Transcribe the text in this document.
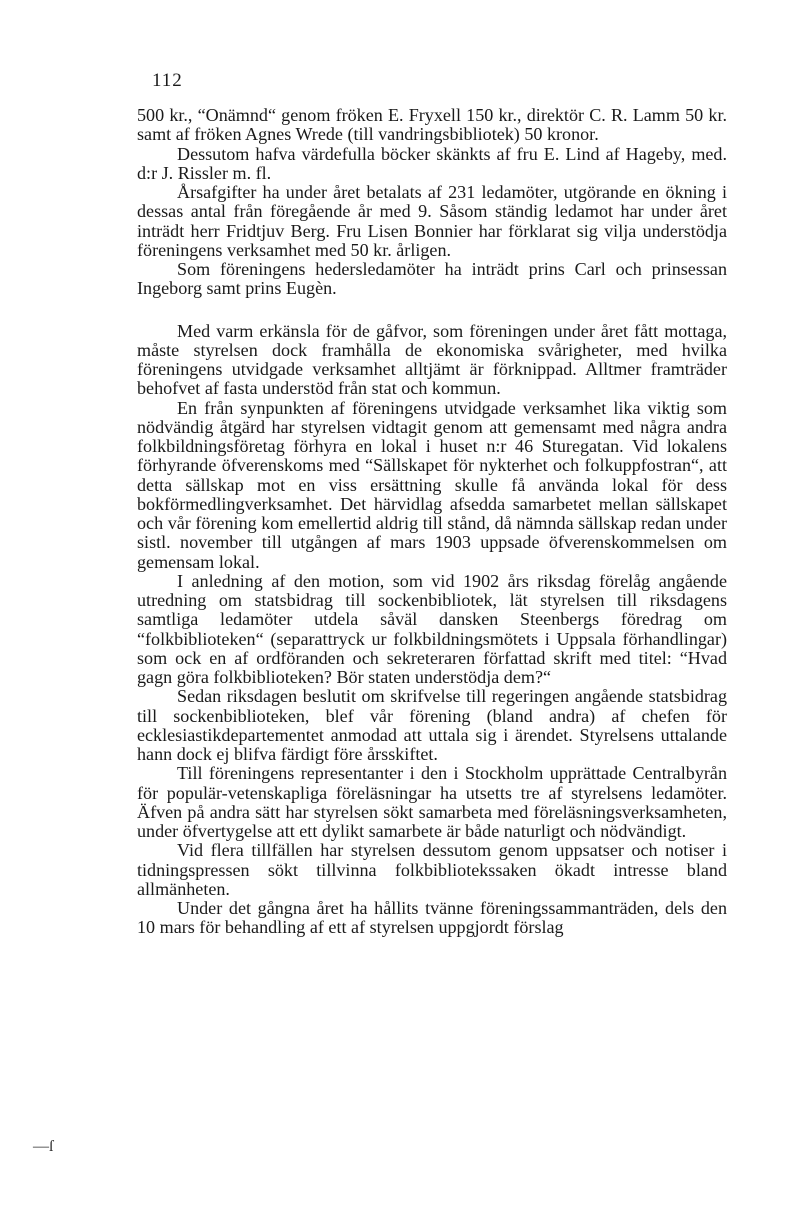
112

500 kr., “Onämnd“ genom fröken E. Fryxell 150 kr., direktör C. R. Lamm 50 kr. samt af fröken Agnes Wrede (till vandringsbibliotek) 50 kronor.

Dessutom hafva värdefulla böcker skänkts af fru E. Lind af Hageby, med. d:r J. Rissler m. fl.

Årsafgifter ha under året betalats af 231 ledamöter, utgörande en ökning i dessas antal från föregående år med 9. Såsom ständig ledamot har under året inträdt herr Fridtjuv Berg. Fru Lisen Bonnier har förklarat sig vilja understödja föreningens verksamhet med 50 kr. årligen.

Som föreningens hedersledamöter ha inträdt prins Carl och prinsessan Ingeborg samt prins Eugèn.

Med varm erkänsla för de gåfvor, som föreningen under året fått mottaga, måste styrelsen dock framhålla de ekonomiska svårigheter, med hvilka föreningens utvidgade verksamhet alltjämt är förknippad. Alltmer framträder behofvet af fasta understöd från stat och kommun.

En från synpunkten af föreningens utvidgade verksamhet lika viktig som nödvändig åtgärd har styrelsen vidtagit genom att gemensamt med några andra folkbildningsföretag förhyra en lokal i huset n:r 46 Sturegatan. Vid lokalens förhyrande öfverenskoms med “Sällskapet för nykterhet och folkuppfostran“, att detta sällskap mot en viss ersättning skulle få använda lokal för dess bokförmedlingverksamhet. Det härvidlag afsedda samarbetet mellan sällskapet och vår förening kom emellertid aldrig till stånd, då nämnda sällskap redan under sistl. november till utgången af mars 1903 uppsade öfverenskommelsen om gemensam lokal.

I anledning af den motion, som vid 1902 års riksdag förelåg angående utredning om statsbidrag till sockenbibliotek, lät styrelsen till riksdagens samtliga ledamöter utdela såväl dansken Steenbergs föredrag om “folkbiblioteken“ (separattryck ur folkbildningsmötets i Uppsala förhandlingar) som ock en af ordföranden och sekreteraren författad skrift med titel: “Hvad gagn göra folkbiblioteken? Bör staten understödja dem?“

Sedan riksdagen beslutit om skrifvelse till regeringen angående statsbidrag till sockenbiblioteken, blef vår förening (bland andra) af chefen för ecklesiastikdepartementet anmodad att uttala sig i ärendet. Styrelsens uttalande hann dock ej blifva färdigt före årsskiftet.

Till föreningens representanter i den i Stockholm upprättade Centralbyrån för populär-vetenskapliga föreläsningar ha utsetts tre af styrelsens ledamöter. Äfven på andra sätt har styrelsen sökt samarbeta med föreläsningsverksamheten, under öfvertygelse att ett dylikt samarbete är både naturligt och nödvändigt.

Vid flera tillfällen har styrelsen dessutom genom uppsatser och notiser i tidningspressen sökt tillvinna folkbibliotekssaken ökadt intresse bland allmänheten.

Under det gångna året ha hållits tvänne föreningssammanträden, dels den 10 mars för behandling af ett af styrelsen uppgjordt förslag

—ſ
